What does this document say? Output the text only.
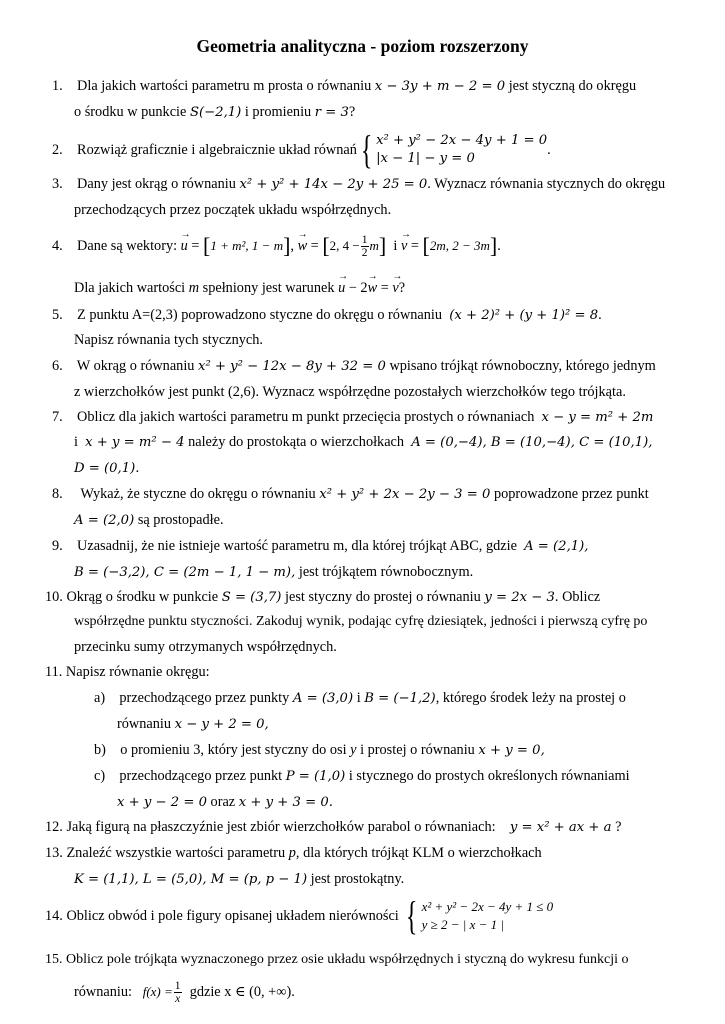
Geometria analityczna - poziom rozszerzony
1. Dla jakich wartości parametru m prosta o równaniu x − 3y + m − 2 = 0 jest styczną do okręgu
o środku w punkcie S(−2,1) i promieniu r = 3?
2. Rozwiąż graficznie i algebraicznie układ równań{ x² + y² − 2x − 4y + 1 = 0
|x − 1| − y = 0
.
3. Dany jest okrąg o równaniu x² + y² + 14x − 2y + 25 = 0. Wyznacz równania stycznych do okręgu
przechodzących przez początek układu współrzędnych.
4. Dane są wektory: → u = [1 + m², 1 − m], → w = [2, $4 - \frac{1}{2} m$] i → v = [2m, 2 − 3m].
Dla jakich wartości m spełniony jest warunek → u − 2→ w = → v?
5. Z punktu A=(2,3) poprowadzono styczne do okręgu o równaniu (x + 2)² + (y + 1)² = 8.
Napisz równania tych stycznych.
6. W okrąg o równaniu x² + y² − 12x − 8y + 32 = 0 wpisano trójkąt równoboczny, którego jednym
z wierzchołków jest punkt (2,6). Wyznacz współrzędne pozostałych wierzchołków tego trójkąta.
7. Oblicz dla jakich wartości parametru m punkt przecięcia prostych o równaniach x − y = m² + 2m
i x + y = m² − 4 należy do prostokąta o wierzchołkach A = (0,−4), B = (10,−4), C = (10,1),
D = (0,1).
8. Wykaż, że styczne do okręgu o równaniu x² + y² + 2x − 2y − 3 = 0 poprowadzone przez punkt
A = (2,0) są prostopadłe.
9. Uzasadnij, że nie istnieje wartość parametru m, dla której trójkąt ABC, gdzie A = (2,1),
B = (−3,2), C = (2m − 1, 1 − m), jest trójkątem równobocznym.
10. Okrąg o środku w punkcie S = (3,7) jest styczny do prostej o równaniu y = 2x − 3. Oblicz
współrzędne punktu styczności. Zakoduj wynik, podając cyfrę dziesiątek, jedności i pierwszą cyfrę po
przecinku sumy otrzymanych współrzędnych.
11. Napisz równanie okręgu:
a) przechodzącego przez punkty A = (3,0) i B = (−1,2), którego środek leży na prostej o
równaniu x − y + 2 = 0,
b) o promieniu 3, który jest styczny do osi y i prostej o równaniu x + y = 0,
c) przechodzącego przez punkt P = (1,0) i stycznego do prostych określonych równaniami
x + y − 2 = 0 oraz x + y + 3 = 0.
12. Jaką figurą na płaszczyźnie jest zbiór wierzchołków parabol o równaniach: y = x² + ax + a ?
13. Znaleźć wszystkie wartości parametru p, dla których trójkąt KLM o wierzchołkach
K = (1,1), L = (5,0), M = (p, p − 1) jest prostokątny.
14. Oblicz obwód i pole figury opisanej układem nierówności { x² + y² − 2x − 4y + 1 ≤ 0
y ≥ 2 − | x − 1 |
15. Oblicz pole trójkąta wyznaczonego przez osie układu współrzędnych i styczną do wykresu funkcji o
równaniu: $f(x) = \frac{1}{x}$ gdzie x ∈ (0, +∞).
